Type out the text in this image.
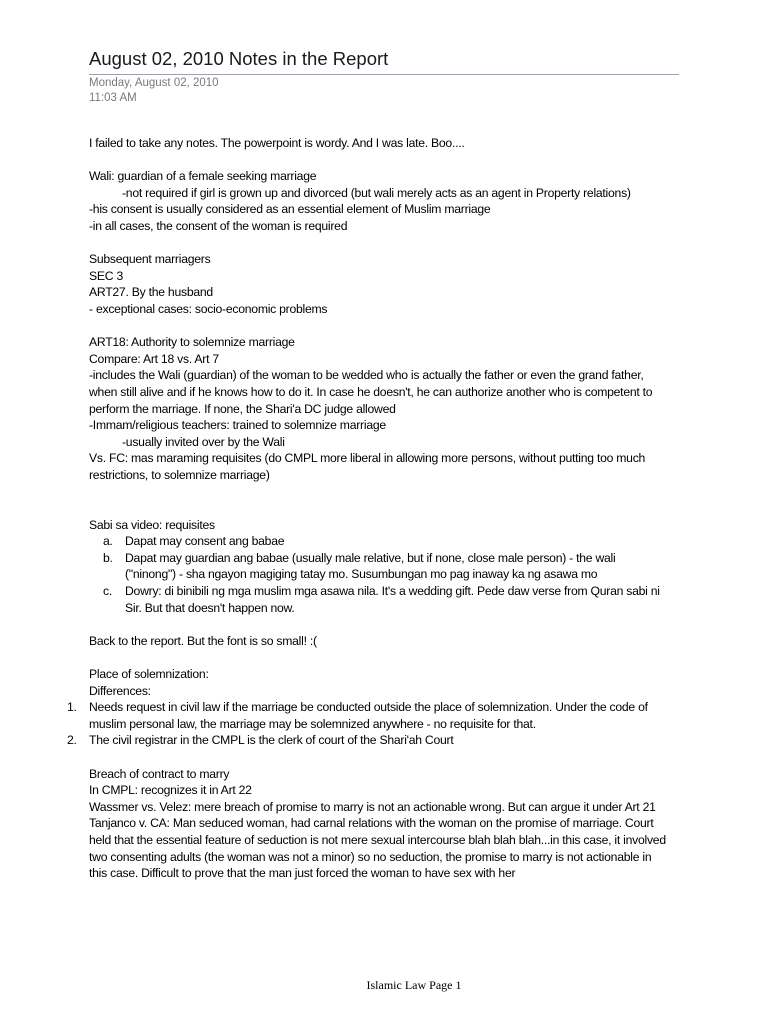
August 02, 2010 Notes in the Report
Monday, August 02, 2010
11:03 AM
I failed to take any notes. The powerpoint is wordy. And I was late. Boo....
Wali: guardian of a female seeking marriage
-not required if girl is grown up and divorced (but wali merely acts as an agent in Property relations)
-his consent is usually considered as an essential element of Muslim marriage
-in all cases, the consent of the woman is required
Subsequent marriagers
SEC 3
ART27. By the husband
- exceptional cases: socio-economic problems
ART18: Authority to solemnize marriage
Compare: Art 18 vs. Art 7
-includes the Wali (guardian) of the woman to be wedded who is actually the father or even the grand father, when still alive and if he knows how to do it. In case he doesn't, he can authorize another who is competent to perform the marriage. If none, the Shari'a DC judge allowed
-Immam/religious teachers: trained to solemnize marriage
-usually invited over by the Wali
Vs. FC: mas maraming requisites (do CMPL more liberal in allowing more persons, without putting too much restrictions, to solemnize marriage)
Sabi sa video: requisites
a.	Dapat may consent ang babae
b.	Dapat may guardian ang babae (usually male relative, but if none, close male person) - the wali ("ninong") - sha ngayon magiging tatay mo. Susumbungan mo pag inaway ka ng asawa mo
c.	Dowry: di binibili ng mga muslim mga asawa nila. It's a wedding gift. Pede daw verse from Quran sabi ni Sir. But that doesn't happen now.
Back to the report. But the font is so small! :(
Place of solemnization:
Differences:
1.	Needs request in civil law if the marriage be conducted outside the place of solemnization. Under the code of muslim personal law, the marriage may be solemnized anywhere - no requisite for that.
2.	The civil registrar in the CMPL is the clerk of court of the Shari'ah Court
Breach of contract to marry
In CMPL: recognizes it in Art 22
Wassmer vs. Velez: mere breach of promise to marry is not an actionable wrong. But can argue it under Art 21
Tanjanco v. CA: Man seduced woman, had carnal relations with the woman on the promise of marriage. Court held that the essential feature of seduction is not mere sexual intercourse blah blah blah...in this case, it involved two consenting adults (the woman was not a minor) so no seduction, the promise to marry is not actionable in this case. Difficult to prove that the man just forced the woman to have sex with her
Islamic Law Page 1
